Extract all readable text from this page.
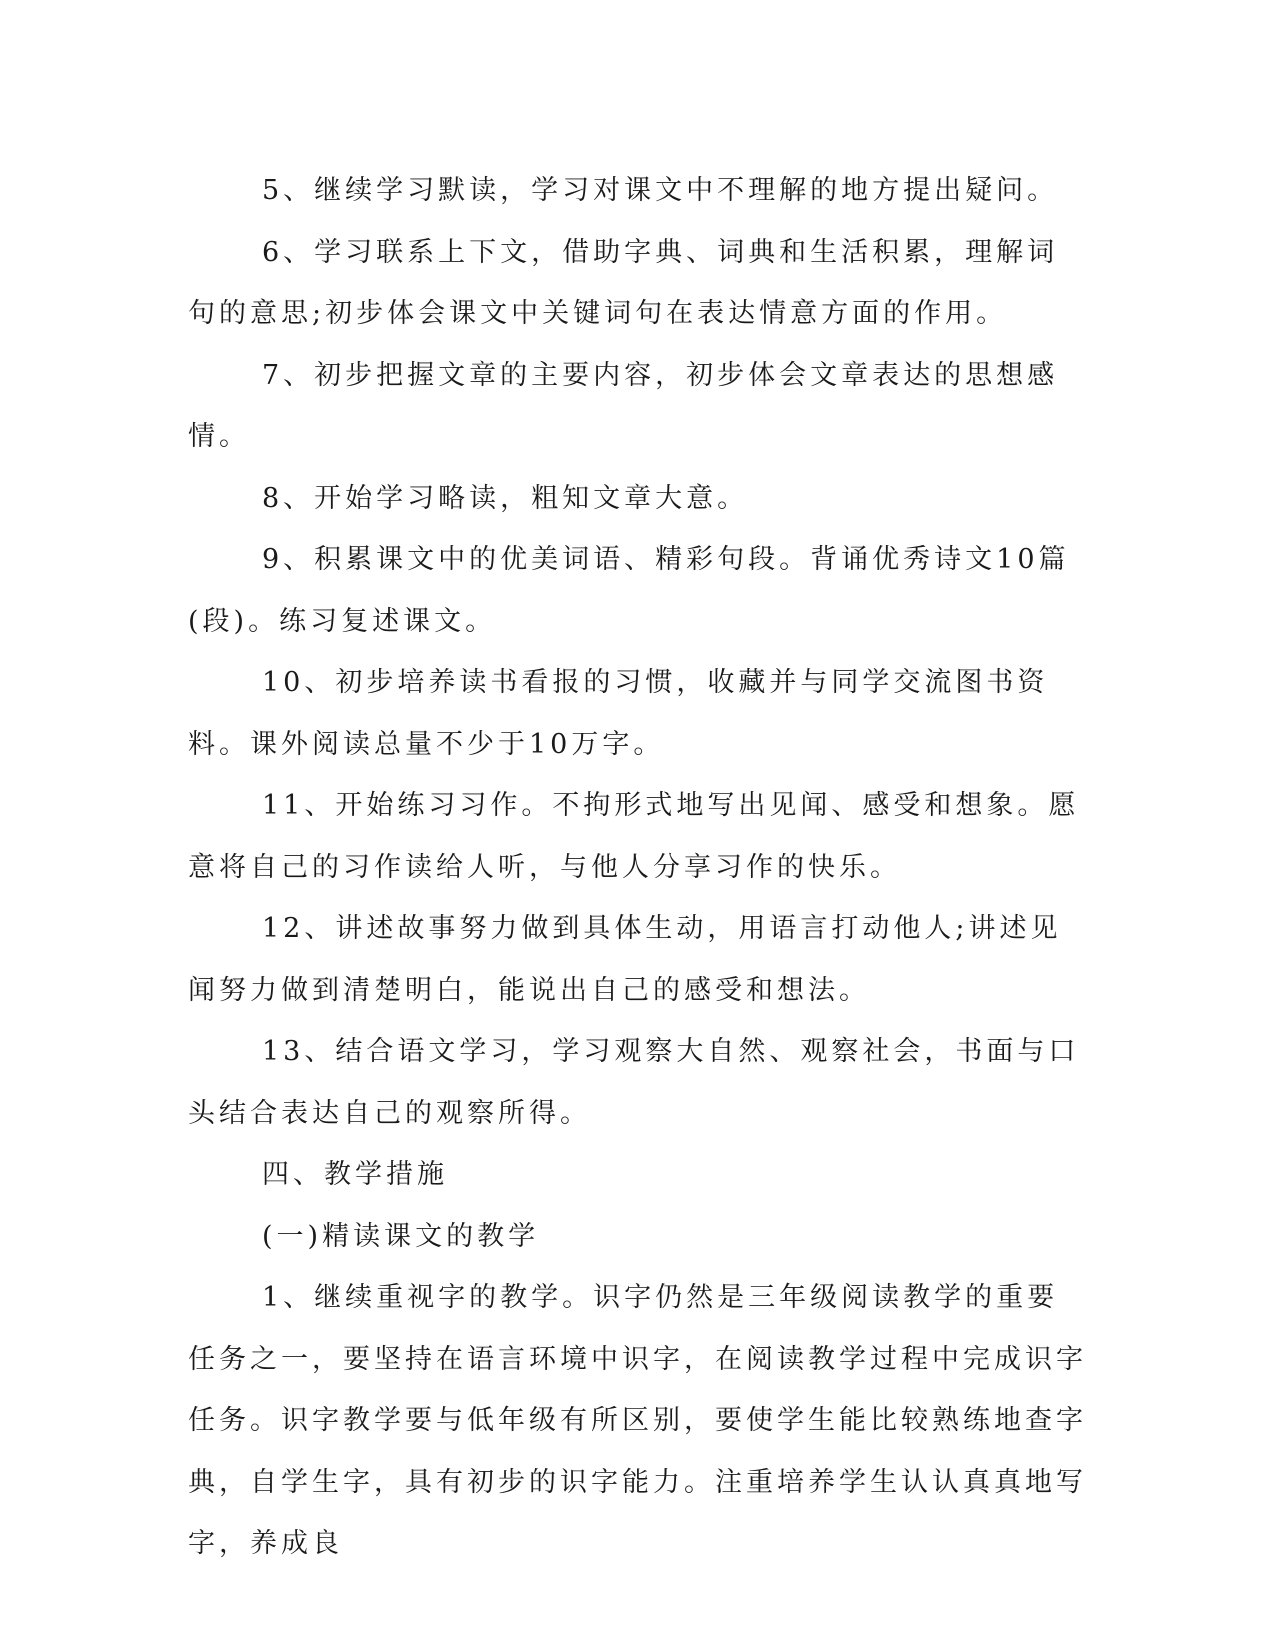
5、继续学习默读，学习对课文中不理解的地方提出疑问。

6、学习联系上下文，借助字典、词典和生活积累，理解词句的意思;初步体会课文中关键词句在表达情意方面的作用。

7、初步把握文章的主要内容，初步体会文章表达的思想感情。

8、开始学习略读，粗知文章大意。

9、积累课文中的优美词语、精彩句段。背诵优秀诗文10篇(段)。练习复述课文。

10、初步培养读书看报的习惯，收藏并与同学交流图书资料。课外阅读总量不少于10万字。

11、开始练习习作。不拘形式地写出见闻、感受和想象。愿意将自己的习作读给人听，与他人分享习作的快乐。

12、讲述故事努力做到具体生动，用语言打动他人;讲述见闻努力做到清楚明白，能说出自己的感受和想法。

13、结合语文学习，学习观察大自然、观察社会，书面与口头结合表达自己的观察所得。

四、教学措施

(一)精读课文的教学

1、继续重视字的教学。识字仍然是三年级阅读教学的重要任务之一，要坚持在语言环境中识字，在阅读教学过程中完成识字任务。识字教学要与低年级有所区别，要使学生能比较熟练地查字典，自学生字，具有初步的识字能力。注重培养学生认认真真地写字，养成良
